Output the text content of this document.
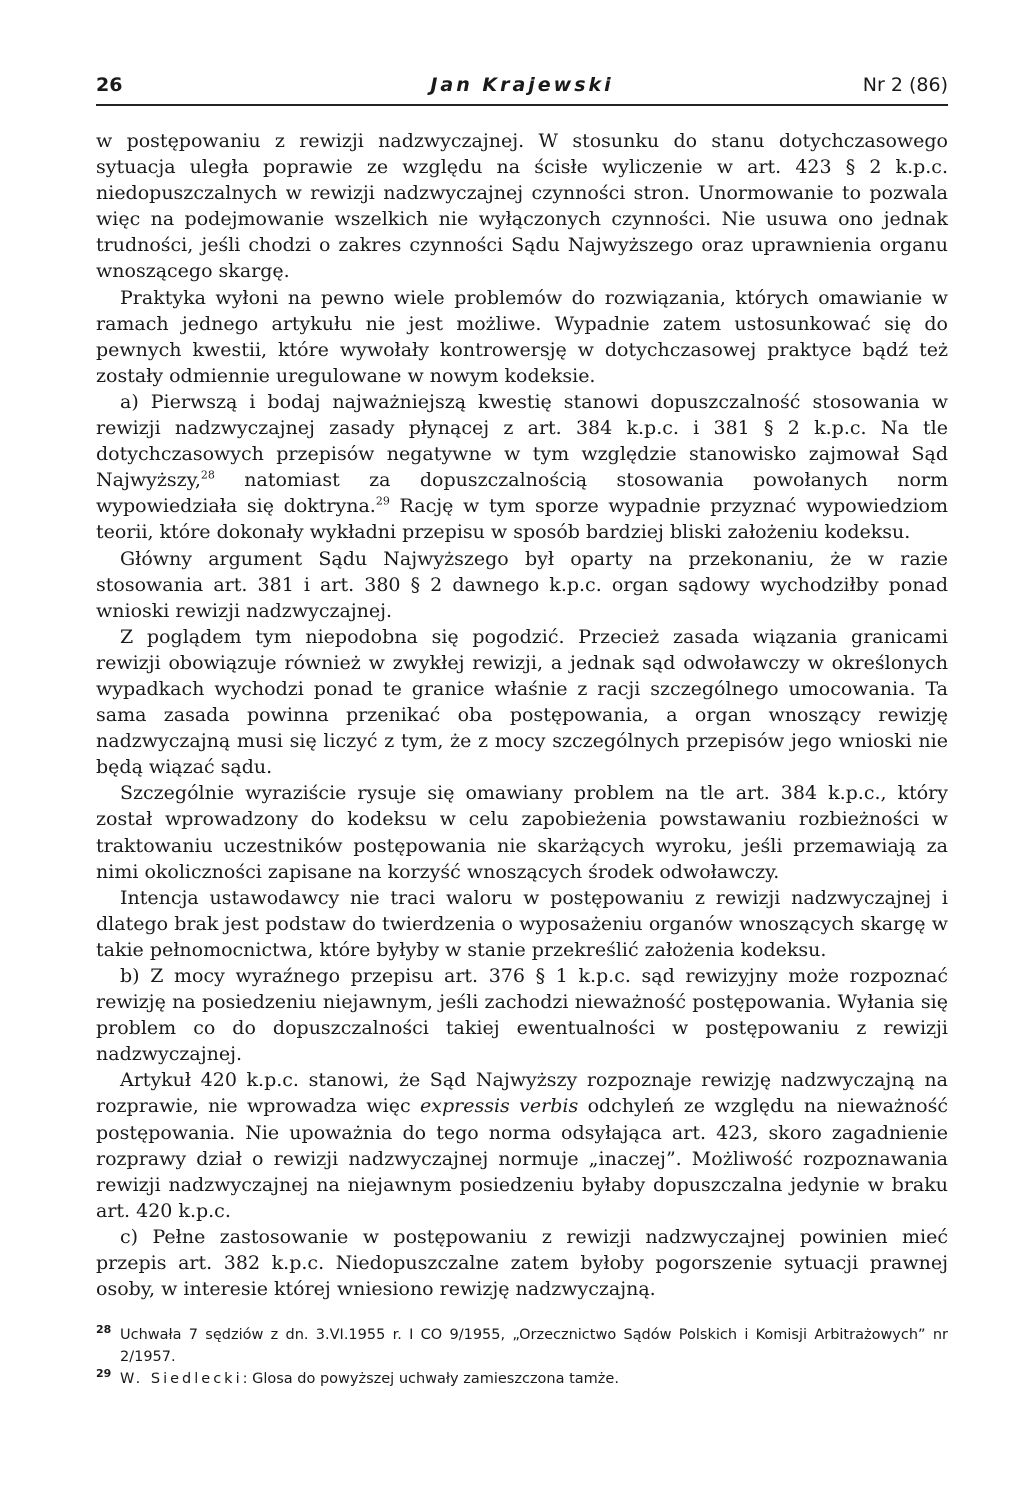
26	Jan Krajewski	Nr 2 (86)

w postępowaniu z rewizji nadzwyczajnej. W stosunku do stanu dotychczasowego sytuacja uległa poprawie ze względu na ścisłe wyliczenie w art. 423 § 2 k.p.c. niedopuszczalnych w rewizji nadzwyczajnej czynności stron. Unormowanie to pozwala więc na podejmowanie wszelkich nie wyłączonych czynności. Nie usuwa ono jednak trudności, jeśli chodzi o zakres czynności Sądu Najwyższego oraz uprawnienia organu wnoszącego skargę.

Praktyka wyłoni na pewno wiele problemów do rozwiązania, których omawianie w ramach jednego artykułu nie jest możliwe. Wypadnie zatem ustosunkować się do pewnych kwestii, które wywołały kontrowersję w dotychczasowej praktyce bądź też zostały odmiennie uregulowane w nowym kodeksie.

a) Pierwszą i bodaj najważniejszą kwestię stanowi dopuszczalność stosowania w rewizji nadzwyczajnej zasady płynącej z art. 384 k.p.c. i 381 § 2 k.p.c. Na tle dotychczasowych przepisów negatywne w tym względzie stanowisko zajmował Sąd Najwyższy,$^{28}$ natomiast za dopuszczalnością stosowania powołanych norm wypowiedziała się doktryna.$^{29}$ Rację w tym sporze wypadnie przyznać wypowiedziom teorii, które dokonały wykładni przepisu w sposób bardziej bliski założeniu kodeksu.

Główny argument Sądu Najwyższego był oparty na przekonaniu, że w razie stosowania art. 381 i art. 380 § 2 dawnego k.p.c. organ sądowy wychodziłby ponad wnioski rewizji nadzwyczajnej.

Z poglądem tym niepodobna się pogodzić. Przecież zasada wiązania granicami rewizji obowiązuje również w zwykłej rewizji, a jednak sąd odwoławczy w określonych wypadkach wychodzi ponad te granice właśnie z racji szczególnego umocowania. Ta sama zasada powinna przenikać oba postępowania, a organ wnoszący rewizję nadzwyczajną musi się liczyć z tym, że z mocy szczególnych przepisów jego wnioski nie będą wiązać sądu.

Szczególnie wyraziście rysuje się omawiany problem na tle art. 384 k.p.c., który został wprowadzony do kodeksu w celu zapobieżenia powstawaniu rozbieżności w traktowaniu uczestników postępowania nie skarżących wyroku, jeśli przemawiają za nimi okoliczności zapisane na korzyść wnoszących środek odwoławczy.

Intencja ustawodawcy nie traci waloru w postępowaniu z rewizji nadzwyczajnej i dlatego brak jest podstaw do twierdzenia o wyposażeniu organów wnoszących skargę w takie pełnomocnictwa, które byłyby w stanie przekreślić założenia kodeksu.

b) Z mocy wyraźnego przepisu art. 376 § 1 k.p.c. sąd rewizyjny może rozpoznać rewizję na posiedzeniu niejawnym, jeśli zachodzi nieważność postępowania. Wyłania się problem co do dopuszczalności takiej ewentualności w postępowaniu z rewizji nadzwyczajnej.

Artykuł 420 k.p.c. stanowi, że Sąd Najwyższy rozpoznaje rewizję nadzwyczajną na rozprawie, nie wprowadza więc expressis verbis odchyleń ze względu na nieważność postępowania. Nie upoważnia do tego norma odsyłająca art. 423, skoro zagadnienie rozprawy dział o rewizji nadzwyczajnej normuje „inaczej”. Możliwość rozpoznawania rewizji nadzwyczajnej na niejawnym posiedzeniu byłaby dopuszczalna jedynie w braku art. 420 k.p.c.

c) Pełne zastosowanie w postępowaniu z rewizji nadzwyczajnej powinien mieć przepis art. 382 k.p.c. Niedopuszczalne zatem byłoby pogorszenie sytuacji prawnej osoby, w interesie której wniesiono rewizję nadzwyczajną.

28 Uchwała 7 sędziów z dn. 3.VI.1955 r. I CO 9/1955, „Orzecznictwo Sądów Polskich i Komisji Arbitrażowych” nr 2/1957.

29 W. Siedlecki: Glosa do powyższej uchwały zamieszczona tamże.
